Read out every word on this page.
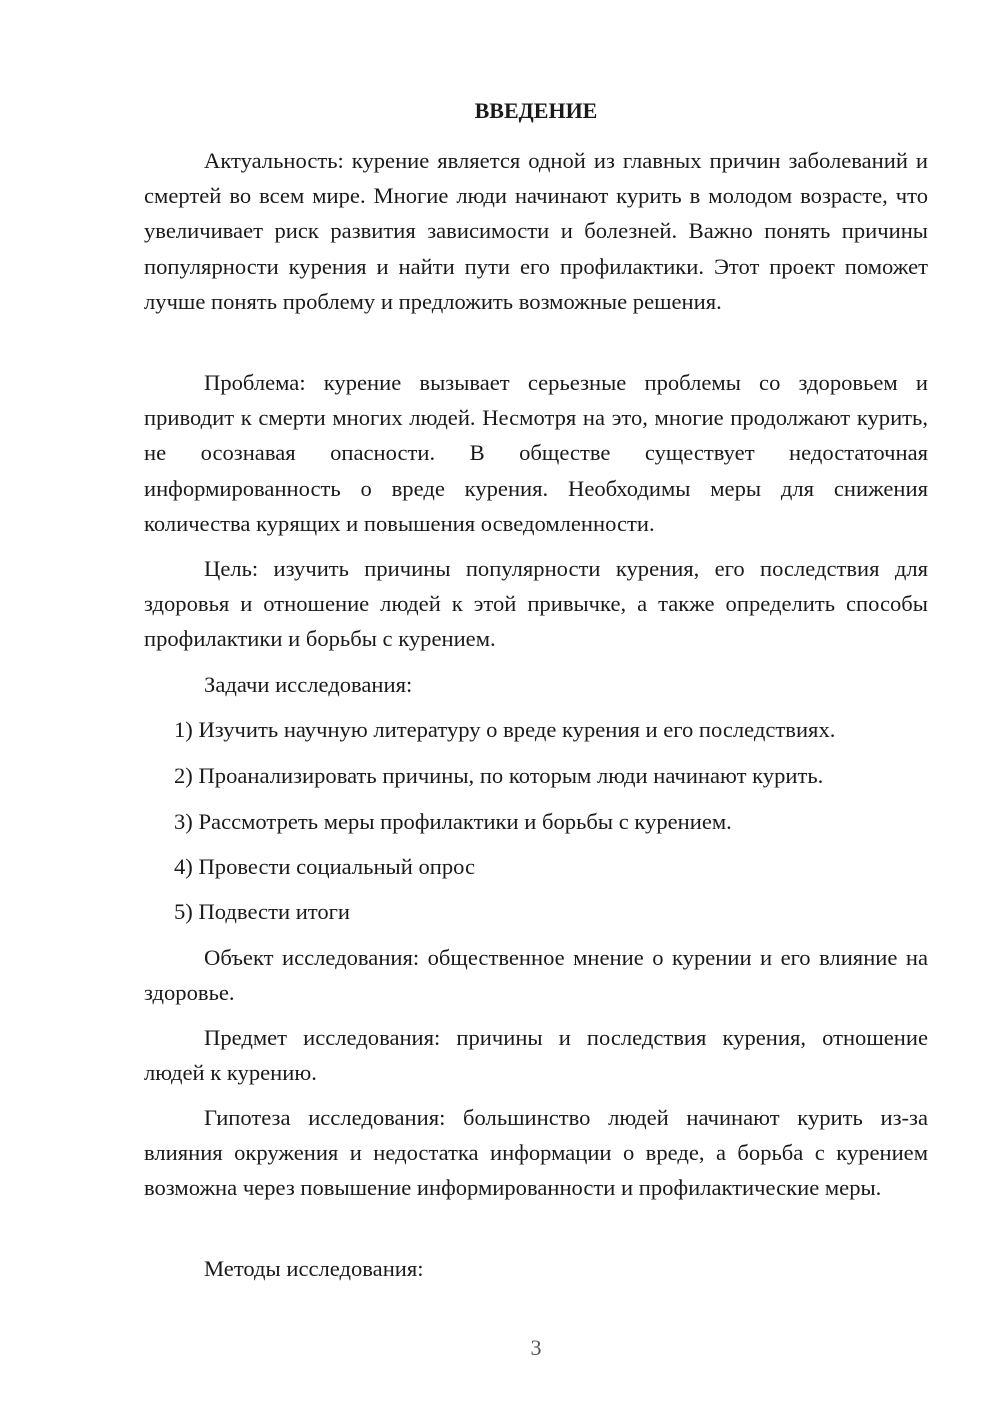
ВВЕДЕНИЕ

Актуальность: курение является одной из главных причин заболеваний и смертей во всем мире. Многие люди начинают курить в молодом возрасте, что увеличивает риск развития зависимости и болезней. Важно понять причины популярности курения и найти пути его профилактики. Этот проект поможет лучше понять проблему и предложить возможные решения.

Проблема: курение вызывает серьезные проблемы со здоровьем и приводит к смерти многих людей. Несмотря на это, многие продолжают курить, не осознавая опасности. В обществе существует недостаточная информированность о вреде курения. Необходимы меры для снижения количества курящих и повышения осведомленности.

Цель: изучить причины популярности курения, его последствия для здоровья и отношение людей к этой привычке, а также определить способы профилактики и борьбы с курением.

Задачи исследования:

1) Изучить научную литературу о вреде курения и его последствиях.

2) Проанализировать причины, по которым люди начинают курить.

3) Рассмотреть меры профилактики и борьбы с курением.

4) Провести социальный опрос

5) Подвести итоги

Объект исследования: общественное мнение о курении и его влияние на здоровье.

Предмет исследования: причины и последствия курения, отношение людей к курению.

Гипотеза исследования: большинство людей начинают курить из-за влияния окружения и недостатка информации о вреде, а борьба с курением возможна через повышение информированности и профилактические меры.

Методы исследования:

3
